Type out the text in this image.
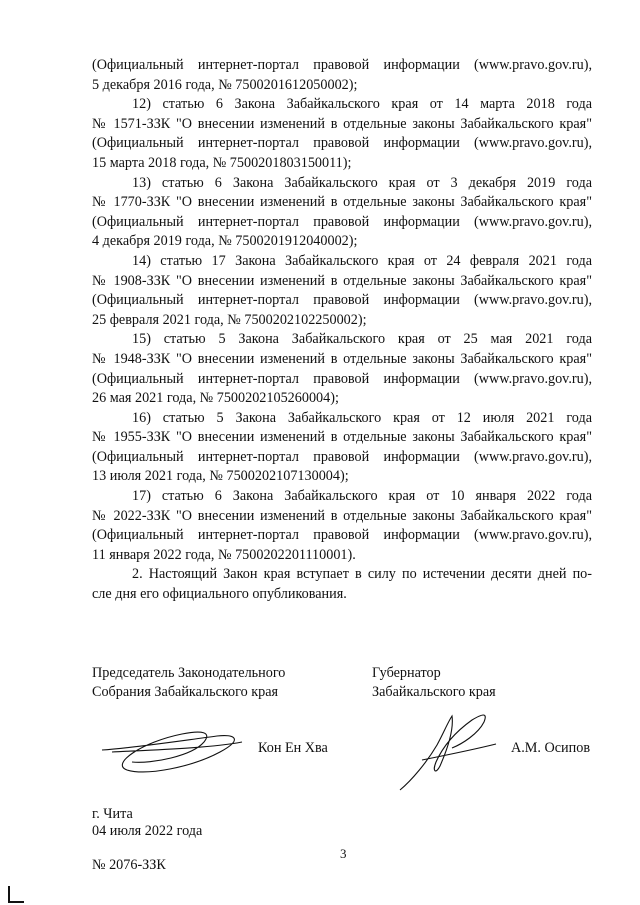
(Официальный интернет-портал правовой информации (www.pravo.gov.ru),
5 декабря 2016 года, № 7500201612050002);
12) статью 6 Закона Забайкальского края от 14 марта 2018 года
№ 1571-ЗЗК "О внесении изменений в отдельные законы Забайкальского края"
(Официальный интернет-портал правовой информации (www.pravo.gov.ru),
15 марта 2018 года, № 7500201803150011);
13) статью 6 Закона Забайкальского края от 3 декабря 2019 года
№ 1770-ЗЗК "О внесении изменений в отдельные законы Забайкальского края"
(Официальный интернет-портал правовой информации (www.pravo.gov.ru),
4 декабря 2019 года, № 7500201912040002);
14) статью 17 Закона Забайкальского края от 24 февраля 2021 года
№ 1908-ЗЗК "О внесении изменений в отдельные законы Забайкальского края"
(Официальный интернет-портал правовой информации (www.pravo.gov.ru),
25 февраля 2021 года, № 7500202102250002);
15) статью 5 Закона Забайкальского края от 25 мая 2021 года
№ 1948-ЗЗК "О внесении изменений в отдельные законы Забайкальского края"
(Официальный интернет-портал правовой информации (www.pravo.gov.ru),
26 мая 2021 года, № 7500202105260004);
16) статью 5 Закона Забайкальского края от 12 июля 2021 года
№ 1955-ЗЗК "О внесении изменений в отдельные законы Забайкальского края"
(Официальный интернет-портал правовой информации (www.pravo.gov.ru),
13 июля 2021 года, № 7500202107130004);
17) статью 6 Закона Забайкальского края от 10 января 2022 года
№ 2022-ЗЗК "О внесении изменений в отдельные законы Забайкальского края"
(Официальный интернет-портал правовой информации (www.pravo.gov.ru),
11 января 2022 года, № 7500202201110001).
2. Настоящий Закон края вступает в силу по истечении десяти дней по-
сле дня его официального опубликования.
Председатель Законодательного
Собрания Забайкальского края
Губернатор
Забайкальского края
Кон Ен Хва	А.М. Осипов
г. Чита
04 июля 2022 года
3
№ 2076-ЗЗК
